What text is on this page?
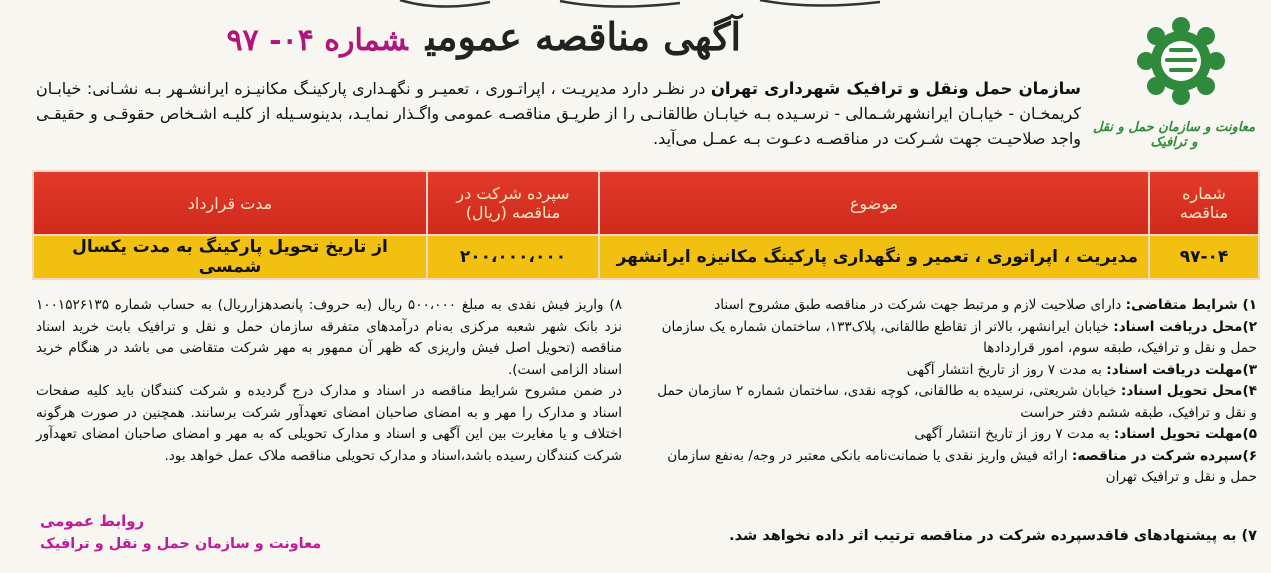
معاونت و سازمان حمل و نقل و ترافیک
آگهی مناقصه عمومیشماره ۰۴- ۹۷
سازمان حمل ونقل و ترافیک شهرداری تهران در نظـر دارد مدیریـت ، اپراتـوری ، تعمیـر و نگهـداری پارکینـگ مکانیـزه ایرانشـهر بـه نشـانی: خیابـان کریمخـان - خیابـان ایرانشهرشـمالی - نرسـیده بـه خیابـان طالقانـی را از طریـق مناقصـه عمومی واگـذار نمایـد، بدینوسـیله از کلیـه اشـخاص حقوقـی و حقیقـی واجد صلاحیـت جهت شـرکت در مناقصـه دعـوت بـه عمـل می‌آید.
شماره مناقصه	موضوع	سپرده شرکت در مناقصه (ریال)	مدت قرارداد
۹۷-۰۴	مدیریت ، اپراتوری ، تعمیر و نگهداری پارکینگ مکانیزه ایرانشهر	۲۰۰،۰۰۰،۰۰۰	از تاریخ تحویل پارکینگ به مدت یکسال شمسی
۱) شرایط متقاضی: دارای صلاحیت لازم و مرتبط جهت شرکت در مناقصه طبق مشروح اسناد
۲)محل دریافت اسناد: خیابان ایرانشهر، بالاتر از تقاطع طالقانی، پلاک۱۳۳، ساختمان شماره یک سازمان حمل و نقل و ترافیک، طبقه سوم، امور قراردادها
۳)مهلت دریافت اسناد: به مدت ۷ روز از تاریخ انتشار آگهی
۴)محل تحویل اسناد: خیابان شریعتی، نرسیده به طالقانی، کوچه نقدی، ساختمان شماره ۲ سازمان حمل و نقل و ترافیک، طبقه ششم دفتر حراست
۵)مهلت تحویل اسناد: به مدت ۷ روز از تاریخ انتشار آگهی
۶)سپرده شرکت در مناقصه: ارائه فیش واریز نقدی یا ضمانت‌نامه بانکی معتبر در وجه/ بەنفع سازمان حمل و نقل و ترافیک تهران
۷) به پیشنهادهای فاقدسپرده شرکت در مناقصه ترتیب اثر داده نخواهد شد.
۸) واریز فیش نقدی به مبلغ ۵۰۰،۰۰۰ ریال (به حروف: پانصدهزارریال) به حساب شماره ۱۰۰۱۵۲۶۱۳۵ نزد بانک شهر شعبه مرکزی به‌نام درآمدهای متفرقه سازمان حمل و نقل و ترافیک بابت خرید اسناد مناقصه (تحویل اصل فیش واریزی که ظهر آن ممهور به مهر شرکت متقاضی می باشد در هنگام خرید اسناد الزامی است).
در ضمن مشروح شرایط مناقصه در اسناد و مدارک درج گردیده و شرکت کنندگان باید کلیه صفحات اسناد و مدارک را مهر و به امضای صاحبان امضای تعهدآور شرکت برسانند. همچنین در صورت هرگونه اختلاف و یا مغایرت بین این آگهی و اسناد و مدارک تحویلی که به مهر و امضای صاحبان امضای تعهدآور شرکت کنندگان رسیده باشد،اسناد و مدارک تحویلی مناقصه ملاک عمل خواهد بود.
روابط عمومی
معاونت و سازمان حمل و نقل و ترافیک
